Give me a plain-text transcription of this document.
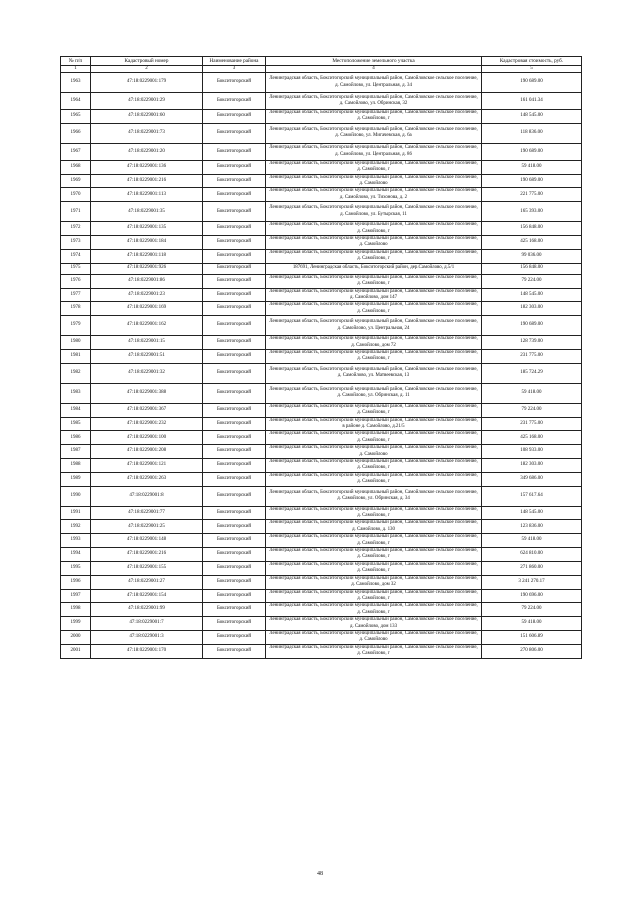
№ п/п	Кадастровый номер	Наименование района	Местоположение земельного участка	Кадастровая стоимость, руб.
1	2	3	4	5
1963	47:18:0229001:179	Бокситогорский	Ленинградская область, Бокситогорский муниципальный район, Самойловское сельское поселение, д. Самойлово, ул. Центральная, д. 34	190 689.00
1964	47:18:0229001:29	Бокситогорский	Ленинградская область, Бокситогорский муниципальный район, Самойловское сельское поселение, д. Самойлово, ул. Обринская, 32	161 041.34
1965	47:18:0229001:60	Бокситогорский	Ленинградская область, Бокситогорский муниципальный район, Самойловское сельское поселение, д. Самойлово, г	148 545.00
1966	47:18:0229001:73	Бокситогорский	Ленинградская область, Бокситогорский муниципальный район, Самойловское сельское поселение, д. Самойлово, ул. Мигачевская, д. 6а	118 836.00
1967	47:18:0229001:20	Бокситогорский	Ленинградская область, Бокситогорский муниципальный район, Самойловское сельское поселение, д. Самойлово, ул. Центральная, д. 86	190 689.00
1968	47:18:0229001:136	Бокситогорский	Ленинградская область, Бокситогорский муниципальный район, Самойловское сельское поселение, д. Самойлово, г	59 418.00
1969	47:18:0229001:216	Бокситогорский	Ленинградская область, Бокситогорский муниципальный район, Самойловское сельское поселение, д. Самойлово	190 689.00
1970	47:18:0229001:113	Бокситогорский	Ленинградская область, Бокситогорский муниципальный район, Самойловское сельское поселение, д. Самойлово, ул. Тихонова, д. 2	221 775.00
1971	47:18:0229001:35	Бокситогорский	Ленинградская область, Бокситогорский муниципальный район, Самойловское сельское поселение, д. Самойлово, ул. Бутырская, 11	165 393.00
1972	47:18:0229001:135	Бокситогорский	Ленинградская область, Бокситогорский муниципальный район, Самойловское сельское поселение, д. Самойлово, г	156 848.00
1973	47:18:0229001:184	Бокситогорский	Ленинградская область, Бокситогорский муниципальный район, Самойловское сельское поселение, д. Самойлово	425 168.00
1974	47:18:0229001:118	Бокситогорский	Ленинградская область, Бокситогорский муниципальный район, Самойловское сельское поселение, д. Самойлово, г	99 036.00
1975	47:18:0229001:926	Бокситогорский	187691, Ленинградская область, Бокситогорский район, дер.Самойлово, д.5/1	156 848.00
1976	47:18:0229001:86	Бокситогорский	Ленинградская область, Бокситогорский муниципальный район, Самойловское сельское поселение, д. Самойлово, г	79 224.00
1977	47:18:0229001:23	Бокситогорский	Ленинградская область, Бокситогорский муниципальный район, Самойловское сельское поселение, д. Самойлово, дом 147	148 545.00
1978	47:18:0229001:169	Бокситогорский	Ленинградская область, Бокситогорский муниципальный район, Самойловское сельское поселение, д. Самойлово, г	182 303.00
1979	47:18:0229001:162	Бокситогорский	Ленинградская область, Бокситогорский муниципальный район, Самойловское сельское поселение, д. Самойлово, ул. Центральная, 24	190 689.00
1980	47:18:0229001:15	Бокситогорский	Ленинградская область, Бокситогорский муниципальный район, Самойловское сельское поселение, д. Самойлово, дом 72	128 739.00
1981	47:18:0229001:51	Бокситогорский	Ленинградская область, Бокситогорский муниципальный район, Самойловское сельское поселение, д. Самойлово, г	231 775.00
1982	47:18:0229001:32	Бокситогорский	Ленинградская область, Бокситогорский муниципальный район, Самойловское сельское поселение, д. Самойлово, ул. Матвеевская, 13	185 724.29
1983	47:18:0229001:388	Бокситогорский	Ленинградская область, Бокситогорский муниципальный район, Самойловское сельское поселение, д. Самойлово, ул. Обринская, д. 11	59 418.00
1984	47:18:0229001:367	Бокситогорский	Ленинградская область, Бокситогорский муниципальный район, Самойловское сельское поселение, д. Самойлово, г	79 224.00
1985	47:18:0229001:232	Бокситогорский	Ленинградская область, Бокситогорский муниципальный район, Самойловское сельское поселение, в районе д. Самойлово, д.21/5	231 775.00
1986	47:18:0229001:100	Бокситогорский	Ленинградская область, Бокситогорский муниципальный район, Самойловское сельское поселение, д. Самойлово, г	425 168.00
1987	47:18:0229001:208	Бокситогорский	Ленинградская область, Бокситогорский муниципальный район, Самойловское сельское поселение, д. Самойлово	108 933.00
1988	47:18:0229001:121	Бокситогорский	Ленинградская область, Бокситогорский муниципальный район, Самойловское сельское поселение, д. Самойлово, г	182 303.00
1989	47:18:0229001:263	Бокситогорский	Ленинградская область, Бокситогорский муниципальный район, Самойловское сельское поселение, д. Самойлово, г	349 686.00
1990	47:18:0229001:8	Бокситогорский	Ленинградская область, Бокситогорский муниципальный район, Самойловское сельское поселение, д. Самойлово, ул. Обринская, д. 34	157 617.64
1991	47:18:0229001:77	Бокситогорский	Ленинградская область, Бокситогорский муниципальный район, Самойловское сельское поселение, д. Самойлово, г	148 545.00
1992	47:18:0229001:25	Бокситогорский	Ленинградская область, Бокситогорский муниципальный район, Самойловское сельское поселение, д. Самойлово, д. 130	123 836.00
1993	47:18:0229001:148	Бокситогорский	Ленинградская область, Бокситогорский муниципальный район, Самойловское сельское поселение, д. Самойлово, г	59 418.00
1994	47:18:0229001:216	Бокситогорский	Ленинградская область, Бокситогорский муниципальный район, Самойловское сельское поселение, д. Самойлово, г	624 810.00
1995	47:18:0229001:155	Бокситогорский	Ленинградская область, Бокситогорский муниципальный район, Самойловское сельское поселение, д. Самойлово, г	271 860.00
1996	47:18:0229001:27	Бокситогорский	Ленинградская область, Бокситогорский муниципальный район, Самойловское сельское поселение, д. Самойлово, дом 32	3 241 270.17
1997	47:18:0229001:154	Бокситогорский	Ленинградская область, Бокситогорский муниципальный район, Самойловское сельское поселение, д. Самойлово, г	190 696.00
1998	47:18:0229001:99	Бокситогорский	Ленинградская область, Бокситогорский муниципальный район, Самойловское сельское поселение, д. Самойлово, г	79 224.00
1999	47:18:0229001:7	Бокситогорский	Ленинградская область, Бокситогорский муниципальный район, Самойловское сельское поселение, д. Самойлово, дом 133	59 418.00
2000	47:18:0229001:3	Бокситогорский	Ленинградская область, Бокситогорский муниципальный район, Самойловское сельское поселение, д. Самойлово	151 606.89
2001	47:18:0229001:170	Бокситогорский	Ленинградская область, Бокситогорский муниципальный район, Самойловское сельское поселение, д. Самойлово, г	270 806.00
48
